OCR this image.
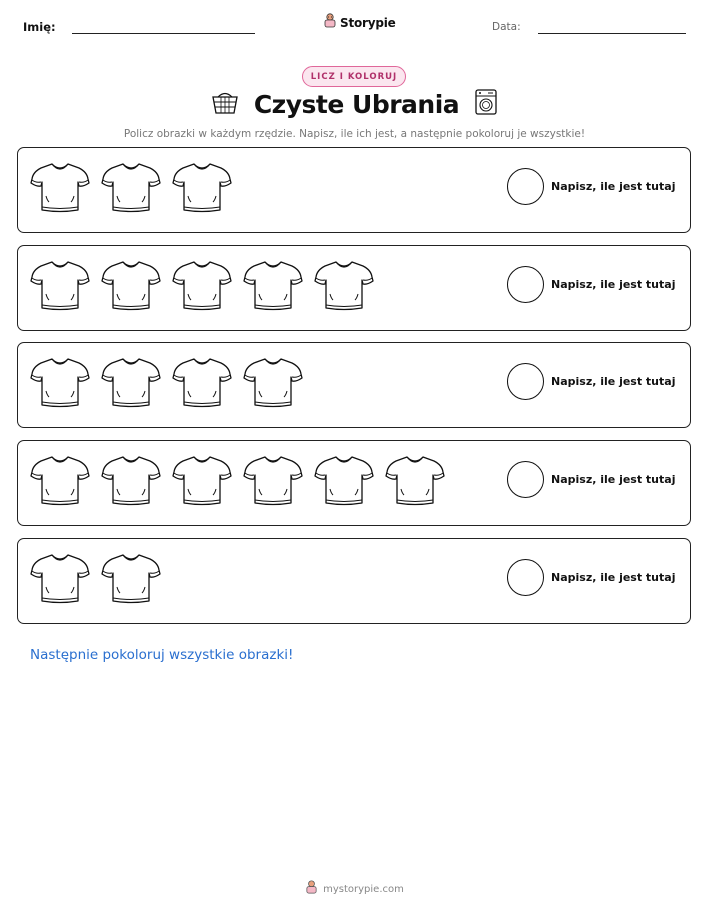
Imię:	Storypie	Data:
LICZ I KOLORUJ
Czyste Ubrania
Policz obrazki w każdym rzędzie. Napisz, ile ich jest, a następnie pokoloruj je wszystkie!
Napisz, ile jest tutaj
Napisz, ile jest tutaj
Napisz, ile jest tutaj
Napisz, ile jest tutaj
Napisz, ile jest tutaj
Następnie pokoloruj wszystkie obrazki!
mystorypie.com
